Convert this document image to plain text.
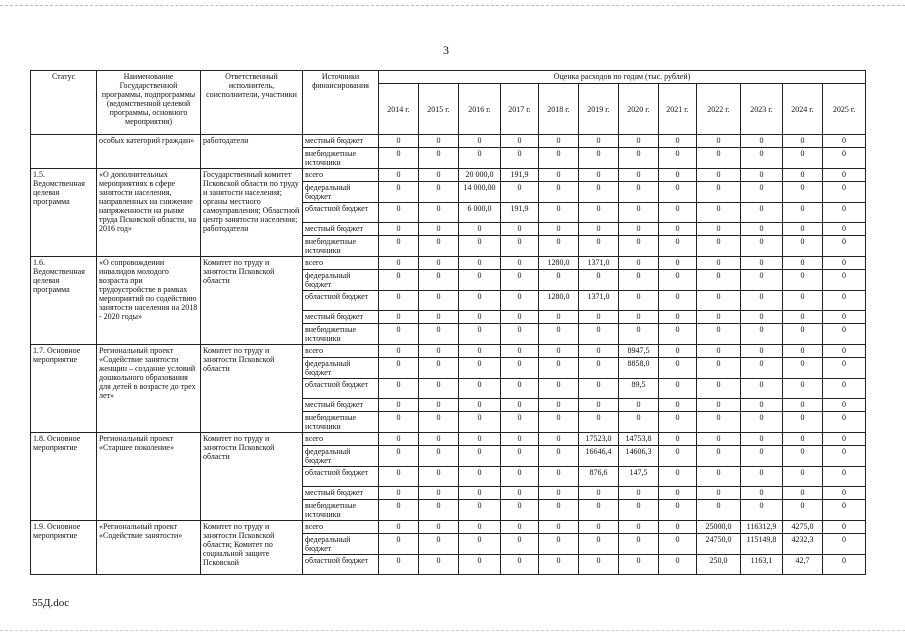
3
Статус	Наименование Государственной программы, подпрограммы (ведомственной целевой программы, основного мероприятия)	Ответственный исполнитель, соисполнители, участники	Источники финансирования	Оценка расходов по годам (тыс. рублей)											
				2014 г.	2015 г.	2016 г.	2017 г.	2018 г.	2019 г.	2020 г.	2021 г.	2022 г.	2023 г.	2024 г.	2025 г.
	особых категорий граждан»	работодатели	местный бюджет	0	0	0	0	0	0	0	0	0	0	0	0
			внебюджетные источники	0	0	0	0	0	0	0	0	0	0	0	0
1.5. Ведомственная целевая программа	«О дополнительных мероприятиях в сфере занятости населения, направленных на снижение напряженности на рынке труда Псковской области, на 2016 год»	Государственный комитет Псковской области по труду и занятости населения; органы местного самоуправления; Областной центр занятости населения; работодатели	всего	0	0	20 000,0	191,9	0	0	0	0	0	0	0	0
			федеральный бюджет	0	0	14 000,00	0	0	0	0	0	0	0	0	0
			областной бюджет	0	0	6 000,0	191,9	0	0	0	0	0	0	0	0
			местный бюджет	0	0	0	0	0	0	0	0	0	0	0	0
			внебюджетные источники	0	0	0	0	0	0	0	0	0	0	0	0
1.6. Ведомственная целевая программа	«О сопровождении инвалидов молодого возраста при трудоустройстве в рамках мероприятий по содействию занятости населения на 2018 - 2020 годы»	Комитет по труду и занятости Псковской области	всего	0	0	0	0	1280,0	1371,0	0	0	0	0	0	0
			федеральный бюджет	0	0	0	0	0	0	0	0	0	0	0	0
			областной бюджет	0	0	0	0	1280,0	1371,0	0	0	0	0	0	0
			местный бюджет	0	0	0	0	0	0	0	0	0	0	0	0
			внебюджетные источники	0	0	0	0	0	0	0	0	0	0	0	0
1.7. Основное мероприятие	Региональный проект «Содействие занятости женщин – создание условий дошкольного образования для детей в возрасте до трех лет»	Комитет по труду и занятости Псковской области	всего	0	0	0	0	0	0	8947,5	0	0	0	0	0
			федеральный бюджет	0	0	0	0	0	0	8858,0	0	0	0	0	0
			областной бюджет	0	0	0	0	0	0	89,5	0	0	0	0	0
			местный бюджет	0	0	0	0	0	0	0	0	0	0	0	0
			внебюджетные источники	0	0	0	0	0	0	0	0	0	0	0	0
1.8. Основное мероприятие	Региональный проект «Старшее поколение»	Комитет по труду и занятости Псковской области	всего	0	0	0	0	0	17523,0	14753,8	0	0	0	0	0
			федеральный бюджет	0	0	0	0	0	16646,4	14606,3	0	0	0	0	0
			областной бюджет	0	0	0	0	0	876,6	147,5	0	0	0	0	0
			местный бюджет	0	0	0	0	0	0	0	0	0	0	0	0
			внебюджетные источники	0	0	0	0	0	0	0	0	0	0	0	0
1.9. Основное мероприятие	«Региональный проект «Содействие занятости»	Комитет по труду и занятости Псковской области; Комитет по социальной защите Псковской	всего	0	0	0	0	0	0	0	0	25000,0	116312,9	4275,0	0
			федеральный бюджет	0	0	0	0	0	0	0	0	24750,0	115149,8	4232,3	0
			областной бюджет	0	0	0	0	0	0	0	0	250,0	1163,1	42,7	0
55Д.doc
